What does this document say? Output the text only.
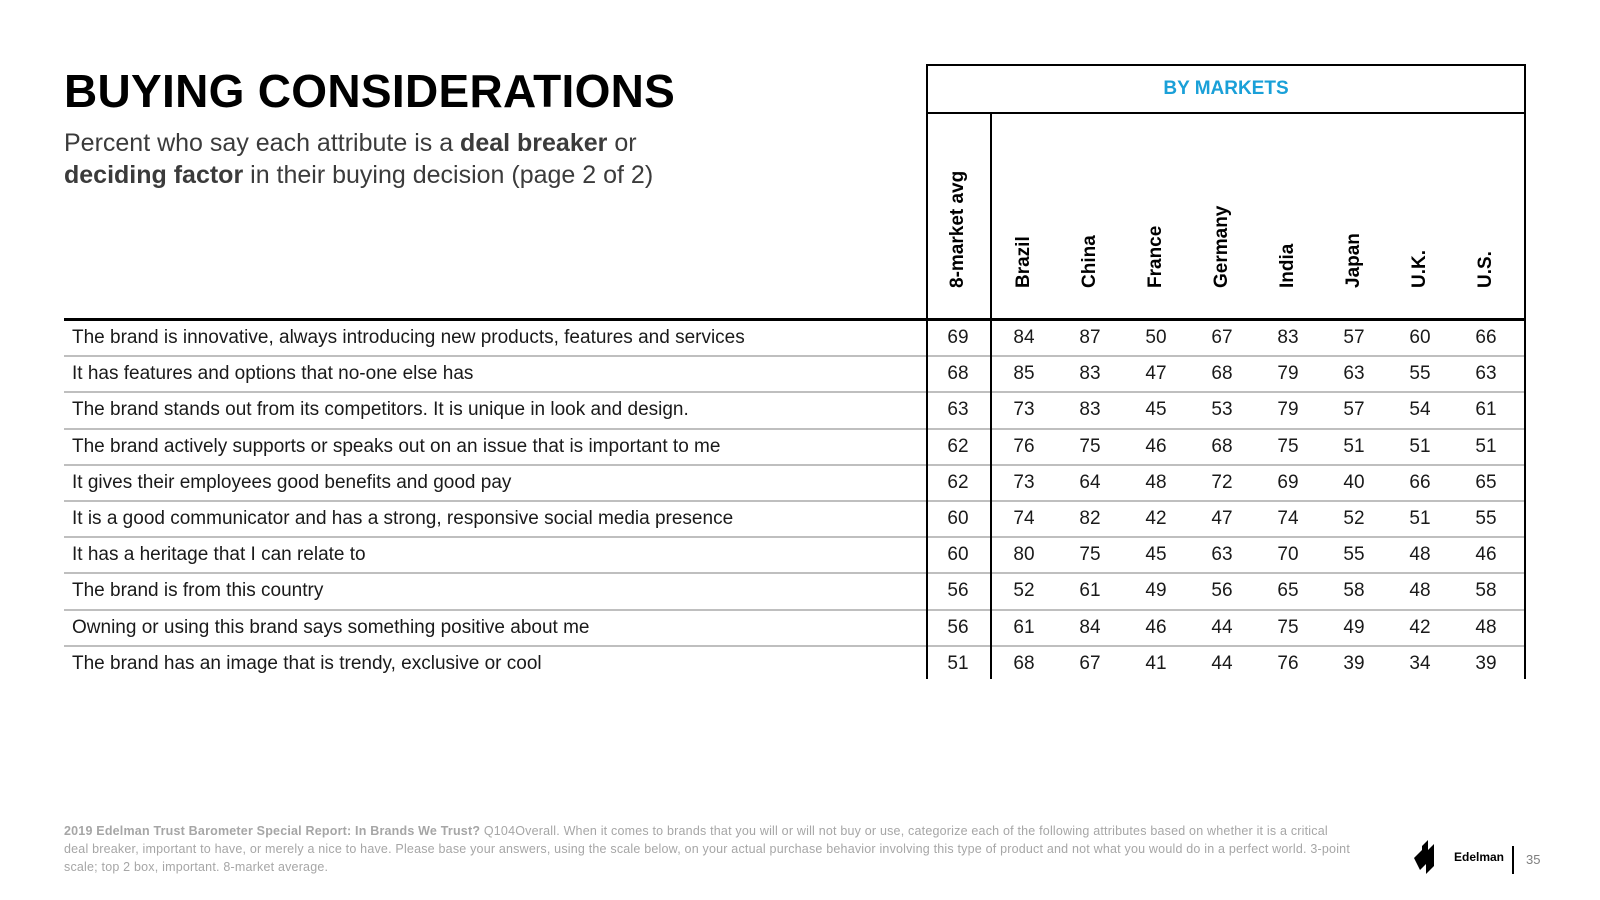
BUYING CONSIDERATIONS
Percent who say each attribute is a deal breaker or
deciding factor in their buying decision (page 2 of 2)
BY MARKETS
8-market avg Brazil China France Germany India Japan U.K. U.S.
The brand is innovative, always introducing new products, features and services	69	84	87	50	67	83	57	60	66
It has features and options that no-one else has	68	85	83	47	68	79	63	55	63
The brand stands out from its competitors. It is unique in look and design.	63	73	83	45	53	79	57	54	61
The brand actively supports or speaks out on an issue that is important to me	62	76	75	46	68	75	51	51	51
It gives their employees good benefits and good pay	62	73	64	48	72	69	40	66	65
It is a good communicator and has a strong, responsive social media presence	60	74	82	42	47	74	52	51	55
It has a heritage that I can relate to	60	80	75	45	63	70	55	48	46
The brand is from this country	56	52	61	49	56	65	58	48	58
Owning or using this brand says something positive about me	56	61	84	46	44	75	49	42	48
The brand has an image that is trendy, exclusive or cool	51	68	67	41	44	76	39	34	39
2019 Edelman Trust Barometer Special Report: In Brands We Trust? Q104Overall. When it comes to brands that you will or will not buy or use, categorize each of the following attributes based on whether it is a critical deal breaker, important to have, or merely a nice to have. Please base your answers, using the scale below, on your actual purchase behavior involving this type of product and not what you would do in a perfect world. 3-point scale; top 2 box, important. 8-market average.
Edelman 35
